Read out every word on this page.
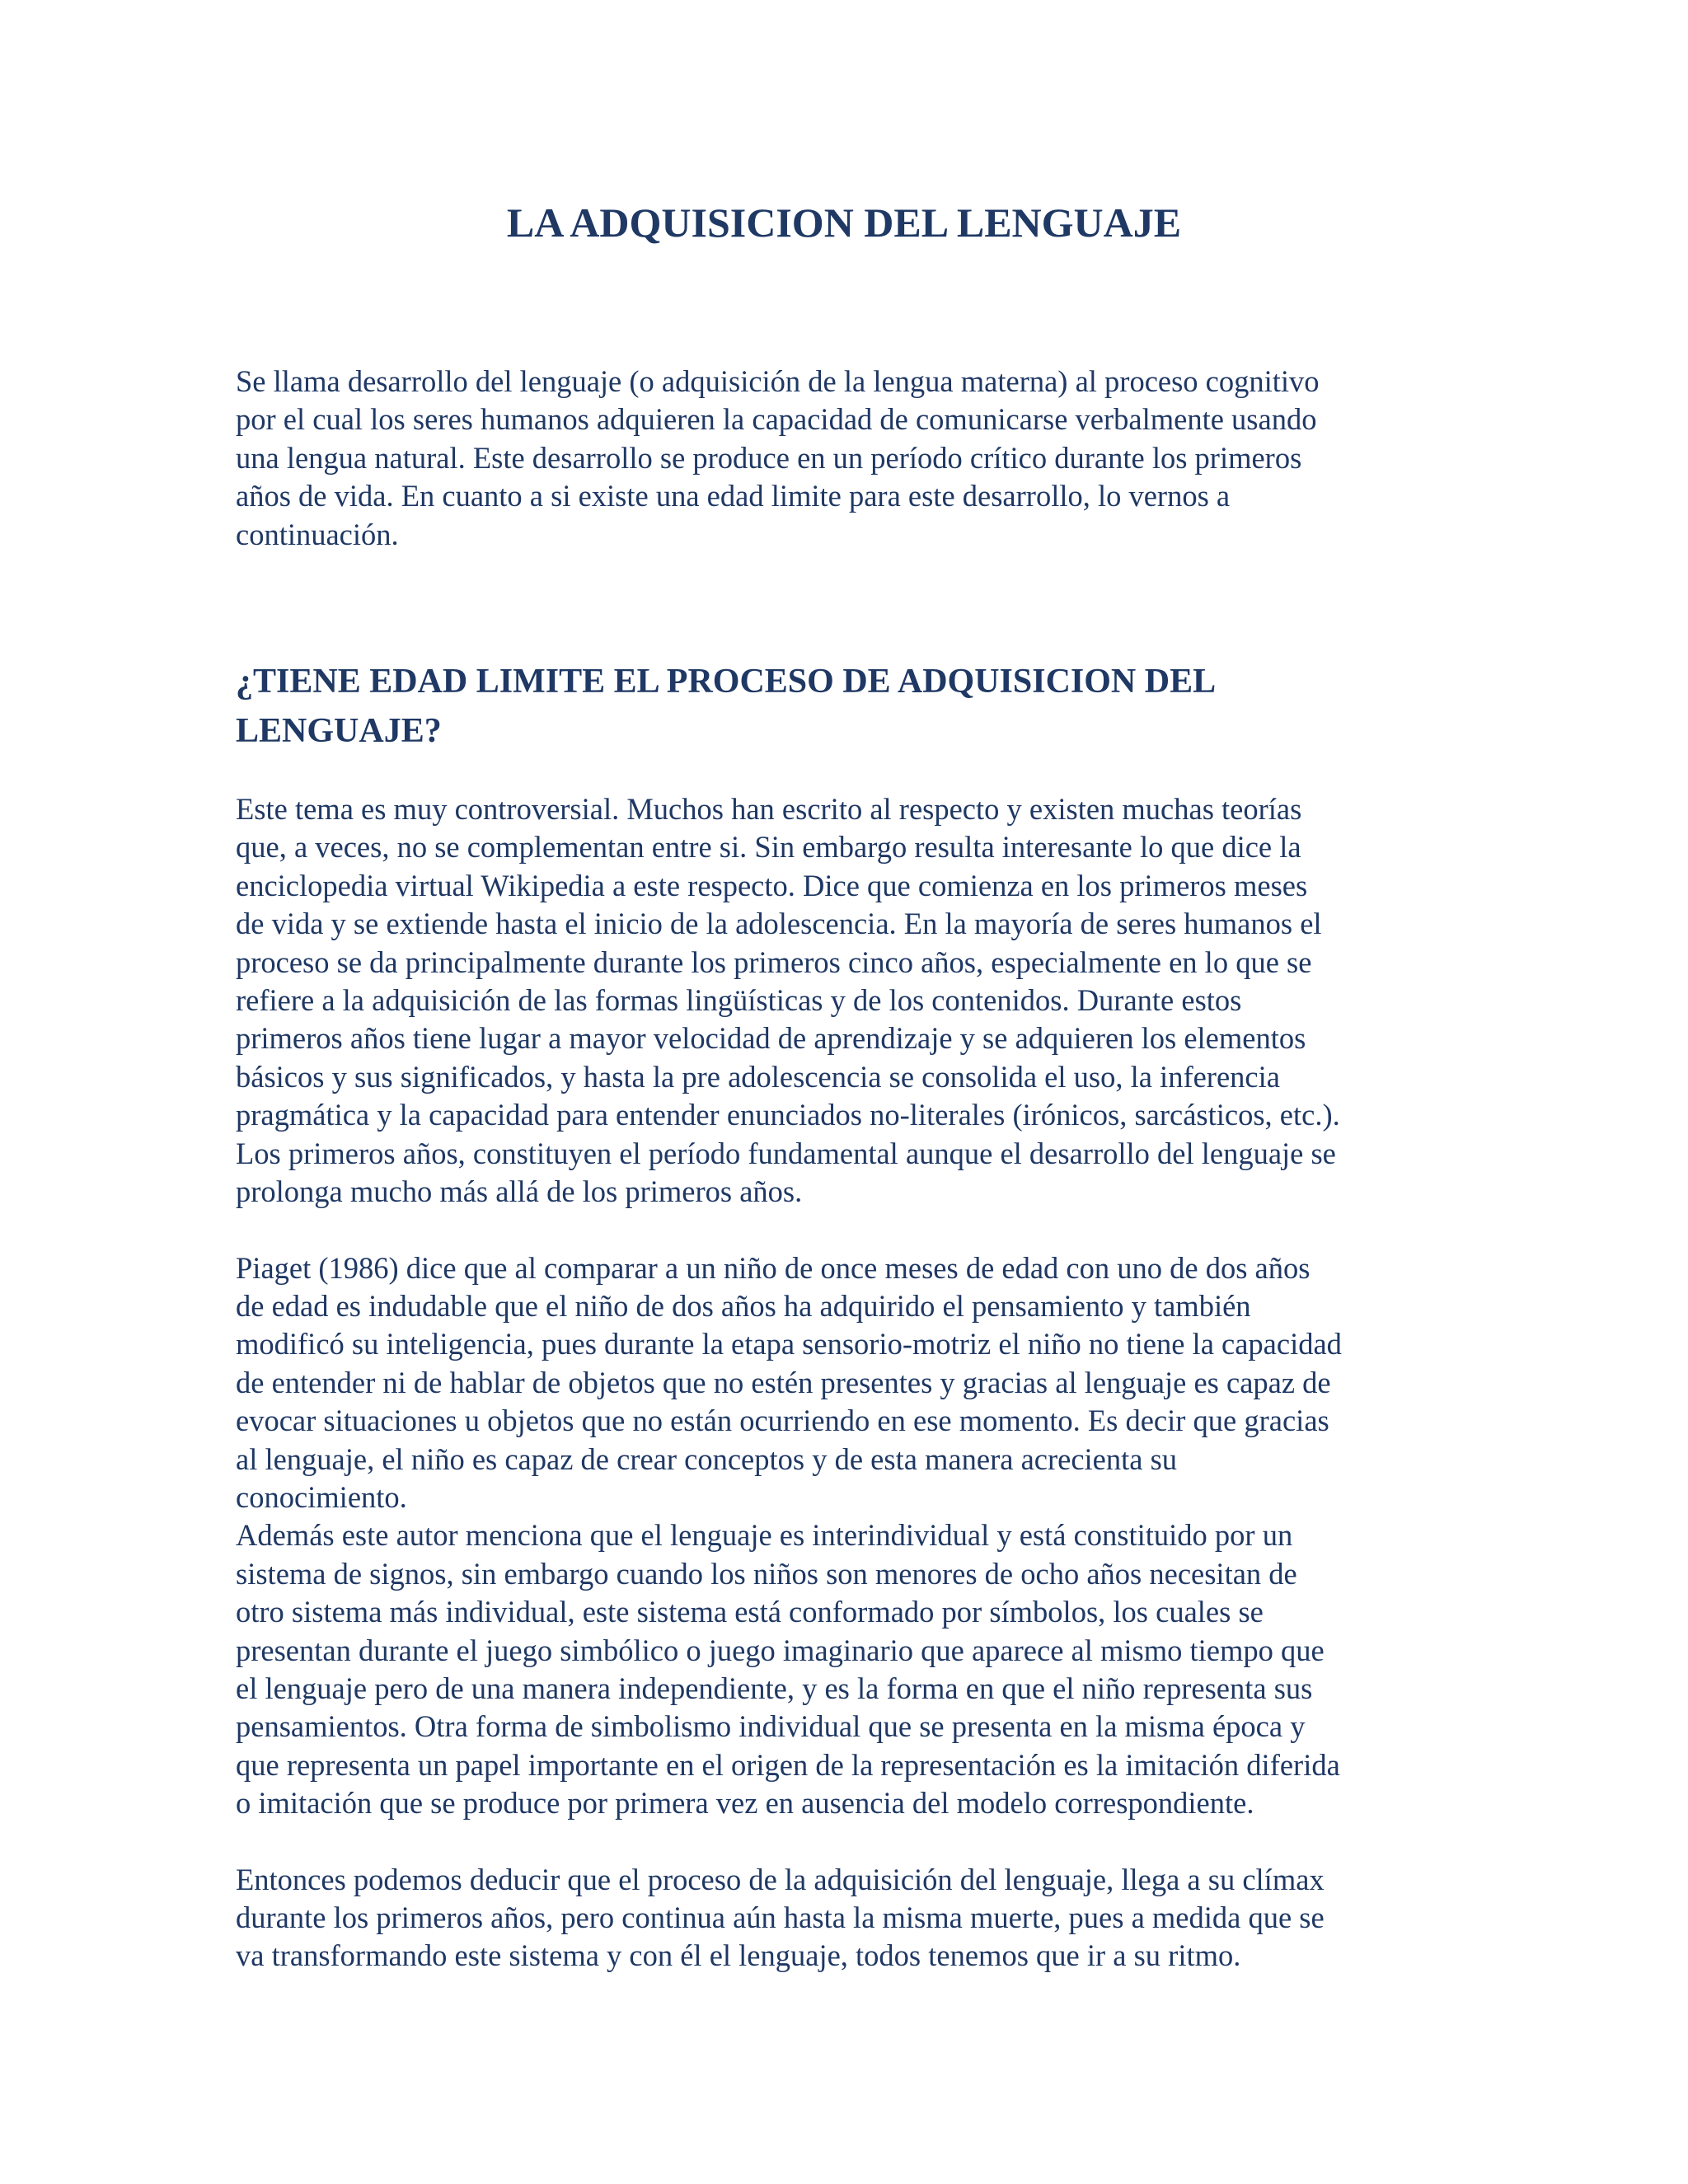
LA ADQUISICION DEL LENGUAJE

Se llama desarrollo del lenguaje (o adquisición de la lengua materna) al proceso cognitivo
por el cual los seres humanos adquieren la capacidad de comunicarse verbalmente usando
una lengua natural. Este desarrollo se produce en un período crítico durante los primeros
años de vida. En cuanto a si existe una edad limite para este desarrollo, lo vernos a
continuación.

¿TIENE EDAD LIMITE EL PROCESO DE ADQUISICION DEL
LENGUAJE?

Este tema es muy controversial. Muchos han escrito al respecto y existen muchas teorías
que, a veces, no se complementan entre si. Sin embargo resulta interesante lo que dice la
enciclopedia virtual Wikipedia a este respecto. Dice que comienza en los primeros meses
de vida y se extiende hasta el inicio de la adolescencia. En la mayoría de seres humanos el
proceso se da principalmente durante los primeros cinco años, especialmente en lo que se
refiere a la adquisición de las formas lingüísticas y de los contenidos. Durante estos
primeros años tiene lugar a mayor velocidad de aprendizaje y se adquieren los elementos
básicos y sus significados, y hasta la pre adolescencia se consolida el uso, la inferencia
pragmática y la capacidad para entender enunciados no-literales (irónicos, sarcásticos, etc.).
Los primeros años, constituyen el período fundamental aunque el desarrollo del lenguaje se
prolonga mucho más allá de los primeros años.

Piaget (1986) dice que al comparar a un niño de once meses de edad con uno de dos años
de edad es indudable que el niño de dos años ha adquirido el pensamiento y también
modificó su inteligencia, pues durante la etapa sensorio-motriz el niño no tiene la capacidad
de entender ni de hablar de objetos que no estén presentes y gracias al lenguaje es capaz de
evocar situaciones u objetos que no están ocurriendo en ese momento. Es decir que gracias
al lenguaje, el niño es capaz de crear conceptos y de esta manera acrecienta su
conocimiento.

Además este autor menciona que el lenguaje es interindividual y está constituido por un
sistema de signos, sin embargo cuando los niños son menores de ocho años necesitan de
otro sistema más individual, este sistema está conformado por símbolos, los cuales se
presentan durante el juego simbólico o juego imaginario que aparece al mismo tiempo que
el lenguaje pero de una manera independiente, y es la forma en que el niño representa sus
pensamientos. Otra forma de simbolismo individual que se presenta en la misma época y
que representa un papel importante en el origen de la representación es la imitación diferida
o imitación que se produce por primera vez en ausencia del modelo correspondiente.

Entonces podemos deducir que el proceso de la adquisición del lenguaje, llega a su clímax
durante los primeros años, pero continua aún hasta la misma muerte, pues a medida que se
va transformando este sistema y con él el lenguaje, todos tenemos que ir a su ritmo.
